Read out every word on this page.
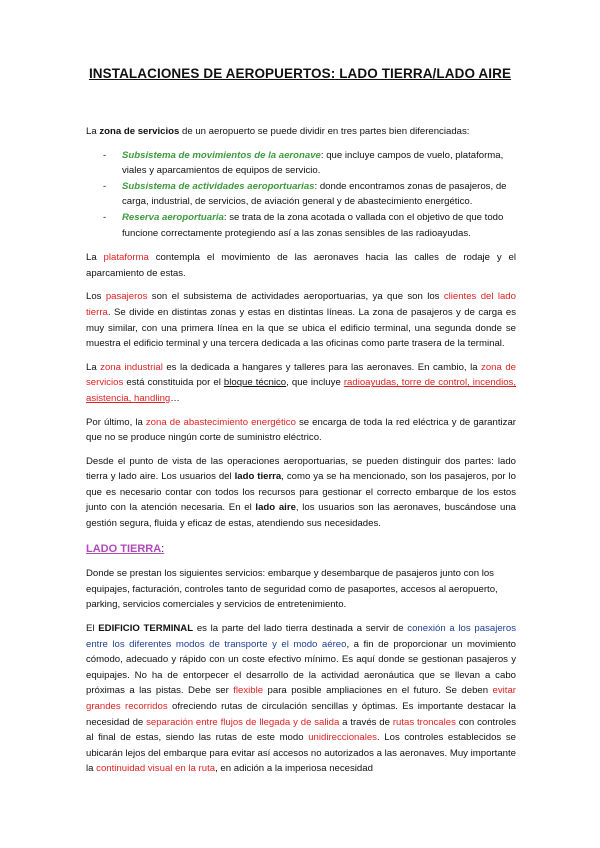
INSTALACIONES DE AEROPUERTOS: LADO TIERRA/LADO AIRE

La zona de servicios de un aeropuerto se puede dividir en tres partes bien diferenciadas:

- Subsistema de movimientos de la aeronave: que incluye campos de vuelo, plataforma, viales y aparcamientos de equipos de servicio.
- Subsistema de actividades aeroportuarias: donde encontramos zonas de pasajeros, de carga, industrial, de servicios, de aviación general y de abastecimiento energético.
- Reserva aeroportuaria: se trata de la zona acotada o vallada con el objetivo de que todo funcione correctamente protegiendo así a las zonas sensibles de las radioayudas.

La plataforma contempla el movimiento de las aeronaves hacia las calles de rodaje y el aparcamiento de estas.

Los pasajeros son el subsistema de actividades aeroportuarias, ya que son los clientes del lado tierra. Se divide en distintas zonas y estas en distintas líneas. La zona de pasajeros y de carga es muy similar, con una primera línea en la que se ubica el edificio terminal, una segunda donde se muestra el edificio terminal y una tercera dedicada a las oficinas como parte trasera de la terminal.

La zona industrial es la dedicada a hangares y talleres para las aeronaves. En cambio, la zona de servicios está constituida por el bloque técnico, que incluye radioayudas, torre de control, incendios, asistencia, handling…

Por último, la zona de abastecimiento energético se encarga de toda la red eléctrica y de garantizar que no se produce ningún corte de suministro eléctrico.

Desde el punto de vista de las operaciones aeroportuarias, se pueden distinguir dos partes: lado tierra y lado aire. Los usuarios del lado tierra, como ya se ha mencionado, son los pasajeros, por lo que es necesario contar con todos los recursos para gestionar el correcto embarque de los estos junto con la atención necesaria. En el lado aire, los usuarios son las aeronaves, buscándose una gestión segura, fluida y eficaz de estas, atendiendo sus necesidades.

LADO TIERRA:

Donde se prestan los siguientes servicios: embarque y desembarque de pasajeros junto con los equipajes, facturación, controles tanto de seguridad como de pasaportes, accesos al aeropuerto, parking, servicios comerciales y servicios de entretenimiento.

El EDIFICIO TERMINAL es la parte del lado tierra destinada a servir de conexión a los pasajeros entre los diferentes modos de transporte y el modo aéreo, a fin de proporcionar un movimiento cómodo, adecuado y rápido con un coste efectivo mínimo. Es aquí donde se gestionan pasajeros y equipajes. No ha de entorpecer el desarrollo de la actividad aeronáutica que se llevan a cabo próximas a las pistas. Debe ser flexible para posible ampliaciones en el futuro. Se deben evitar grandes recorridos ofreciendo rutas de circulación sencillas y óptimas. Es importante destacar la necesidad de separación entre flujos de llegada y de salida a través de rutas troncales con controles al final de estas, siendo las rutas de este modo unidireccionales. Los controles establecidos se ubicarán lejos del embarque para evitar así accesos no autorizados a las aeronaves. Muy importante la continuidad visual en la ruta, en adición a la imperiosa necesidad
